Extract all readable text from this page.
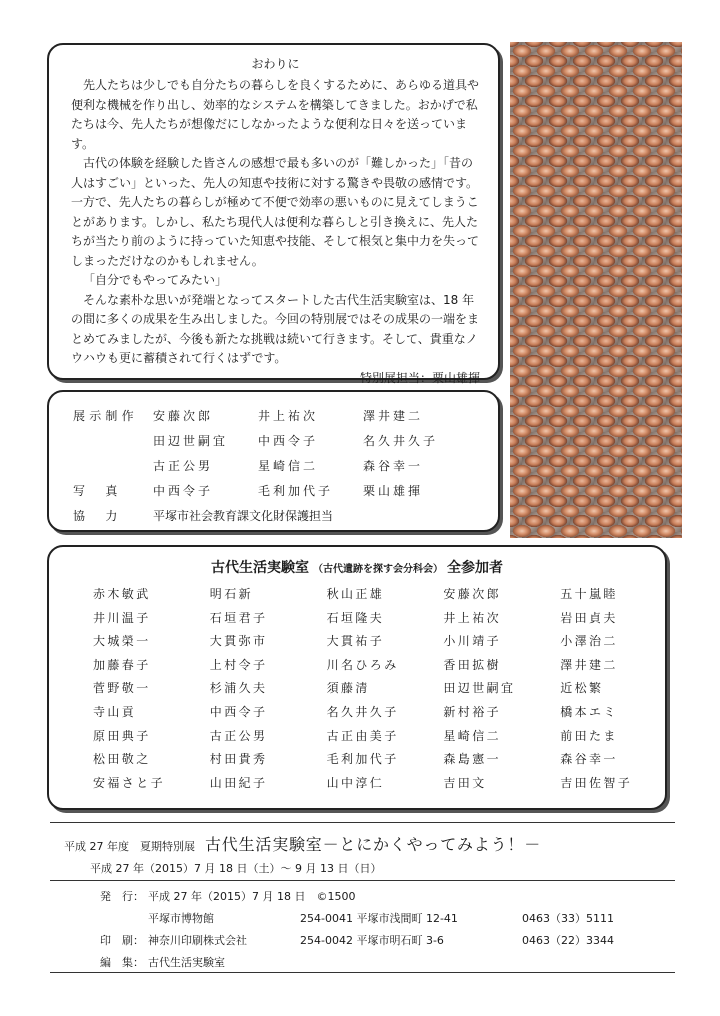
おわりに

先人たちは少しでも自分たちの暮らしを良くするために、あらゆる道具や便利な機械を作り出し、効率的なシステムを構築してきました。おかげで私たちは今、先人たちが想像だにしなかったような便利な日々を送っています。

古代の体験を経験した皆さんの感想で最も多いのが「難しかった」「昔の人はすごい」といった、先人の知恵や技術に対する驚きや畏敬の感情です。一方で、先人たちの暮らしが極めて不便で効率の悪いものに見えてしまうことがあります。しかし、私たち現代人は便利な暮らしと引き換えに、先人たちが当たり前のように持っていた知恵や技能、そして根気と集中力を失ってしまっただけなのかもしれません。

「自分でもやってみたい」

そんな素朴な思いが発端となってスタートした古代生活実験室は、18 年の間に多くの成果を生み出しました。今回の特別展ではその成果の一端をまとめてみましたが、今後も新たな挑戦は続いて行きます。そして、貴重なノウハウも更に蓄積されて行くはずです。

特別展担当：栗山雄揮

展示制作	安藤次郎	井上祐次	澤井建二
田辺世嗣宜	中西令子	名久井久子
古正公男	星崎信二	森谷幸一
写　真	中西令子	毛利加代子	栗山雄揮
協　力	平塚市社会教育課文化財保護担当
古代生活実験室 （古代遺跡を探す会分科会） 全参加者
赤木敏武	明石新	秋山正雄	安藤次郎	五十嵐睦
井川温子	石垣君子	石垣隆夫	井上祐次	岩田貞夫
大城榮一	大貫弥市	大貫祐子	小川靖子	小澤治二
加藤春子	上村令子	川名ひろみ	香田拡樹	澤井建二
菅野敬一	杉浦久夫	須藤清	田辺世嗣宜	近松繁
寺山貢	中西令子	名久井久子	新村裕子	橋本エミ
原田典子	古正公男	古正由美子	星崎信二	前田たま
松田敬之	村田貴秀	毛利加代子	森島憲一	森谷幸一
安福さと子	山田紀子	山中淳仁	吉田文	吉田佐智子
平成 27 年度　夏期特別展 古代生活実験室－とにかくやってみよう！－
平成 27 年（2015）7 月 18 日（土）～ 9 月 13 日（日）
発　行： 平成 27 年（2015）7 月 18 日　©1500
平塚市博物館	254-0041 平塚市浅間町 12-41	0463（33）5111
印　刷： 神奈川印刷株式会社	254-0042 平塚市明石町 3-6	0463（22）3344
編　集： 古代生活実験室
